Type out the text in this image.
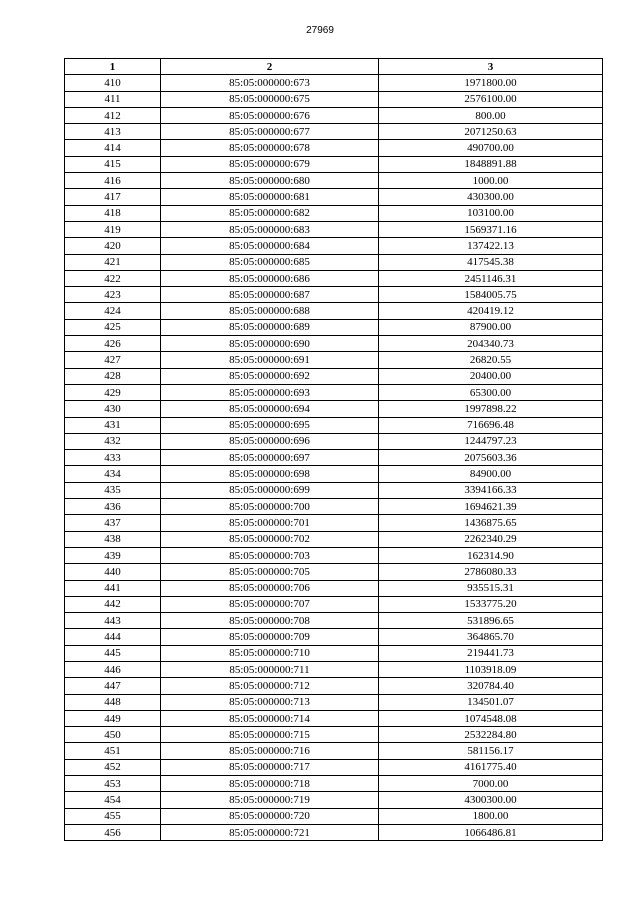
27969
1	2	3
410	85:05:000000:673	1971800.00
411	85:05:000000:675	2576100.00
412	85:05:000000:676	800.00
413	85:05:000000:677	2071250.63
414	85:05:000000:678	490700.00
415	85:05:000000:679	1848891.88
416	85:05:000000:680	1000.00
417	85:05:000000:681	430300.00
418	85:05:000000:682	103100.00
419	85:05:000000:683	1569371.16
420	85:05:000000:684	137422.13
421	85:05:000000:685	417545.38
422	85:05:000000:686	2451146.31
423	85:05:000000:687	1584005.75
424	85:05:000000:688	420419.12
425	85:05:000000:689	87900.00
426	85:05:000000:690	204340.73
427	85:05:000000:691	26820.55
428	85:05:000000:692	20400.00
429	85:05:000000:693	65300.00
430	85:05:000000:694	1997898.22
431	85:05:000000:695	716696.48
432	85:05:000000:696	1244797.23
433	85:05:000000:697	2075603.36
434	85:05:000000:698	84900.00
435	85:05:000000:699	3394166.33
436	85:05:000000:700	1694621.39
437	85:05:000000:701	1436875.65
438	85:05:000000:702	2262340.29
439	85:05:000000:703	162314.90
440	85:05:000000:705	2786080.33
441	85:05:000000:706	935515.31
442	85:05:000000:707	1533775.20
443	85:05:000000:708	531896.65
444	85:05:000000:709	364865.70
445	85:05:000000:710	219441.73
446	85:05:000000:711	1103918.09
447	85:05:000000:712	320784.40
448	85:05:000000:713	134501.07
449	85:05:000000:714	1074548.08
450	85:05:000000:715	2532284.80
451	85:05:000000:716	581156.17
452	85:05:000000:717	4161775.40
453	85:05:000000:718	7000.00
454	85:05:000000:719	4300300.00
455	85:05:000000:720	1800.00
456	85:05:000000:721	1066486.81
